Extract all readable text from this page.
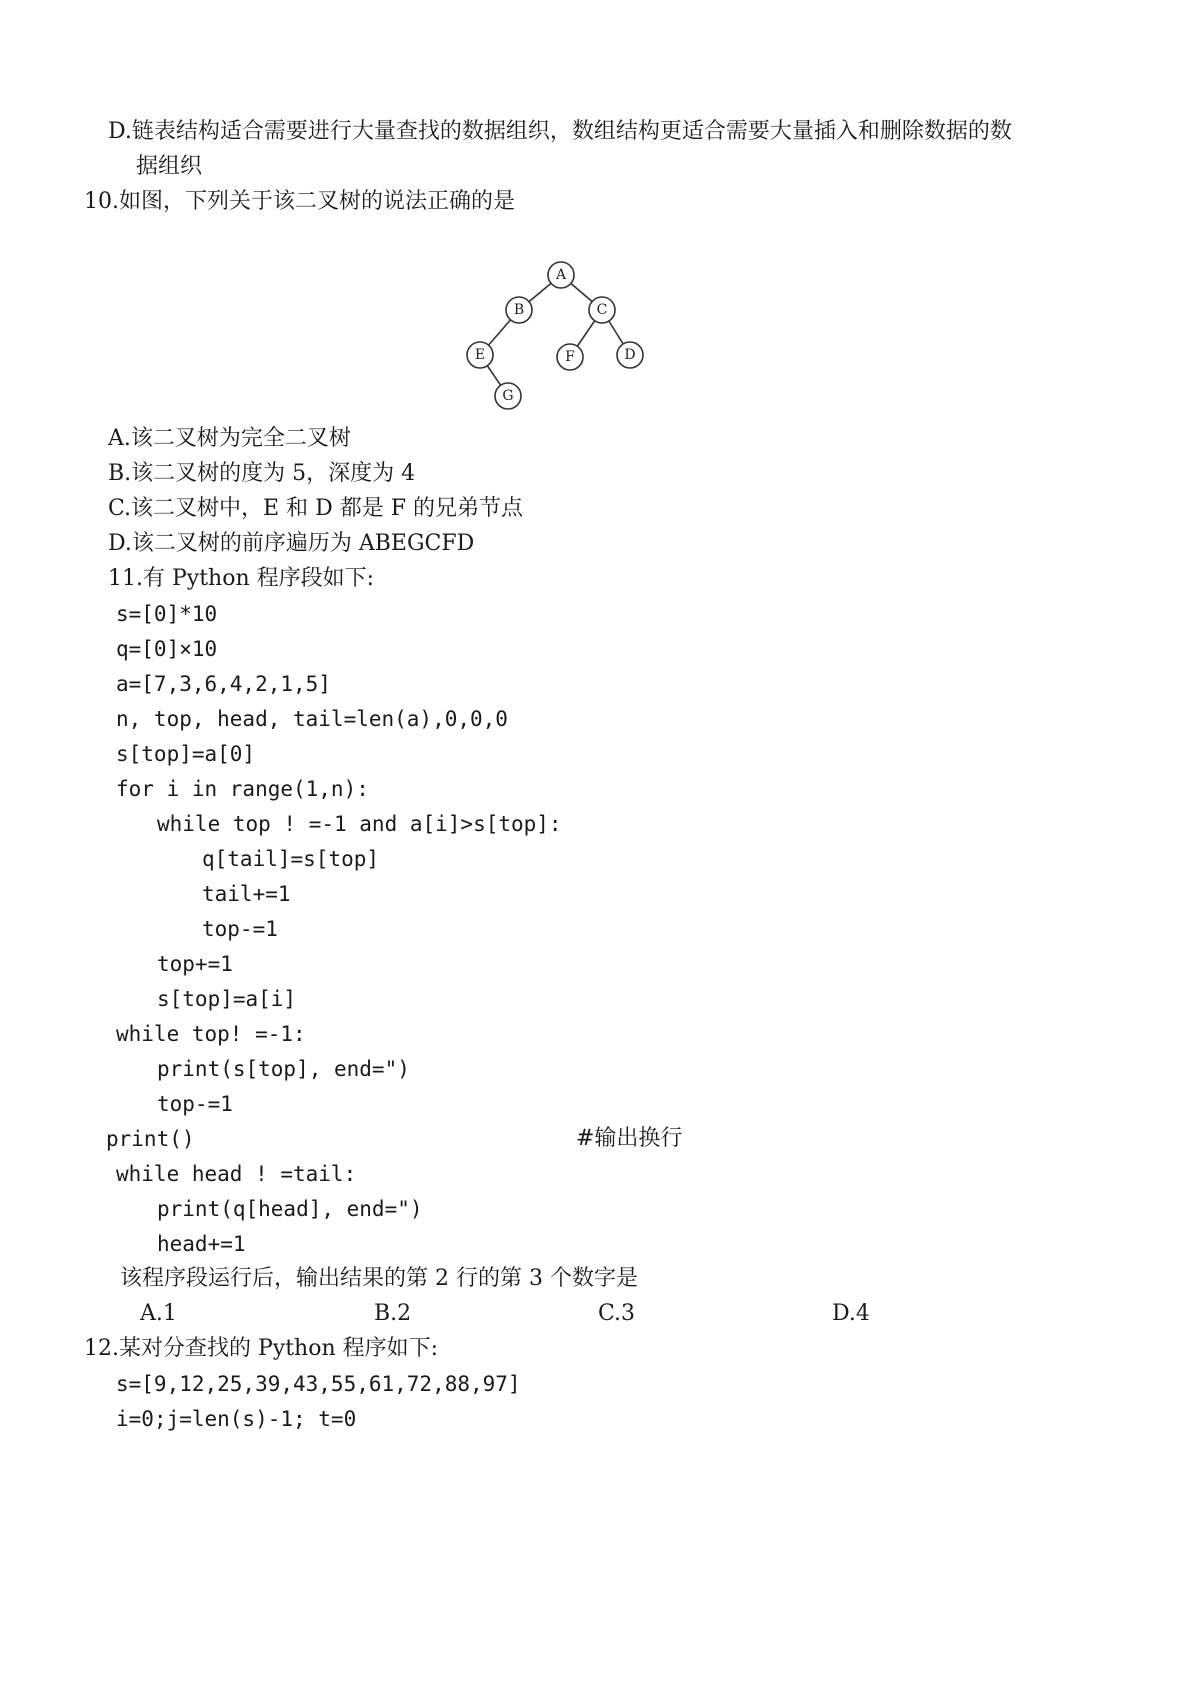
D.链表结构适合需要进行大量查找的数据组织，数组结构更适合需要大量插入和删除数据的数
据组织
10.如图，下列关于该二叉树的说法正确的是
A
B	C
E	F	D
G
A.该二叉树为完全二叉树
B.该二叉树的度为 5，深度为 4
C.该二叉树中，E 和 D 都是 F 的兄弟节点
D.该二叉树的前序遍历为 ABEGCFD
11.有 Python 程序段如下:
s=[0]*10
q=[0]×10
a=[7,3,6,4,2,1,5]
n, top, head, tail=len(a),0,0,0
s[top]=a[0]
for i in range(1,n):
while top ! =-1 and a[i]>s[top]:
q[tail]=s[top]
tail+=1
top-=1
top+=1
s[top]=a[i]
while top! =-1:
print(s[top], end=")
top-=1
print()	#输出换行
while head ! =tail:
print(q[head], end=")
head+=1
该程序段运行后，输出结果的第 2 行的第 3 个数字是
A.1	B.2	C.3	D.4
12.某对分查找的 Python 程序如下:
s=[9,12,25,39,43,55,61,72,88,97]
i=0;j=len(s)-1; t=0
